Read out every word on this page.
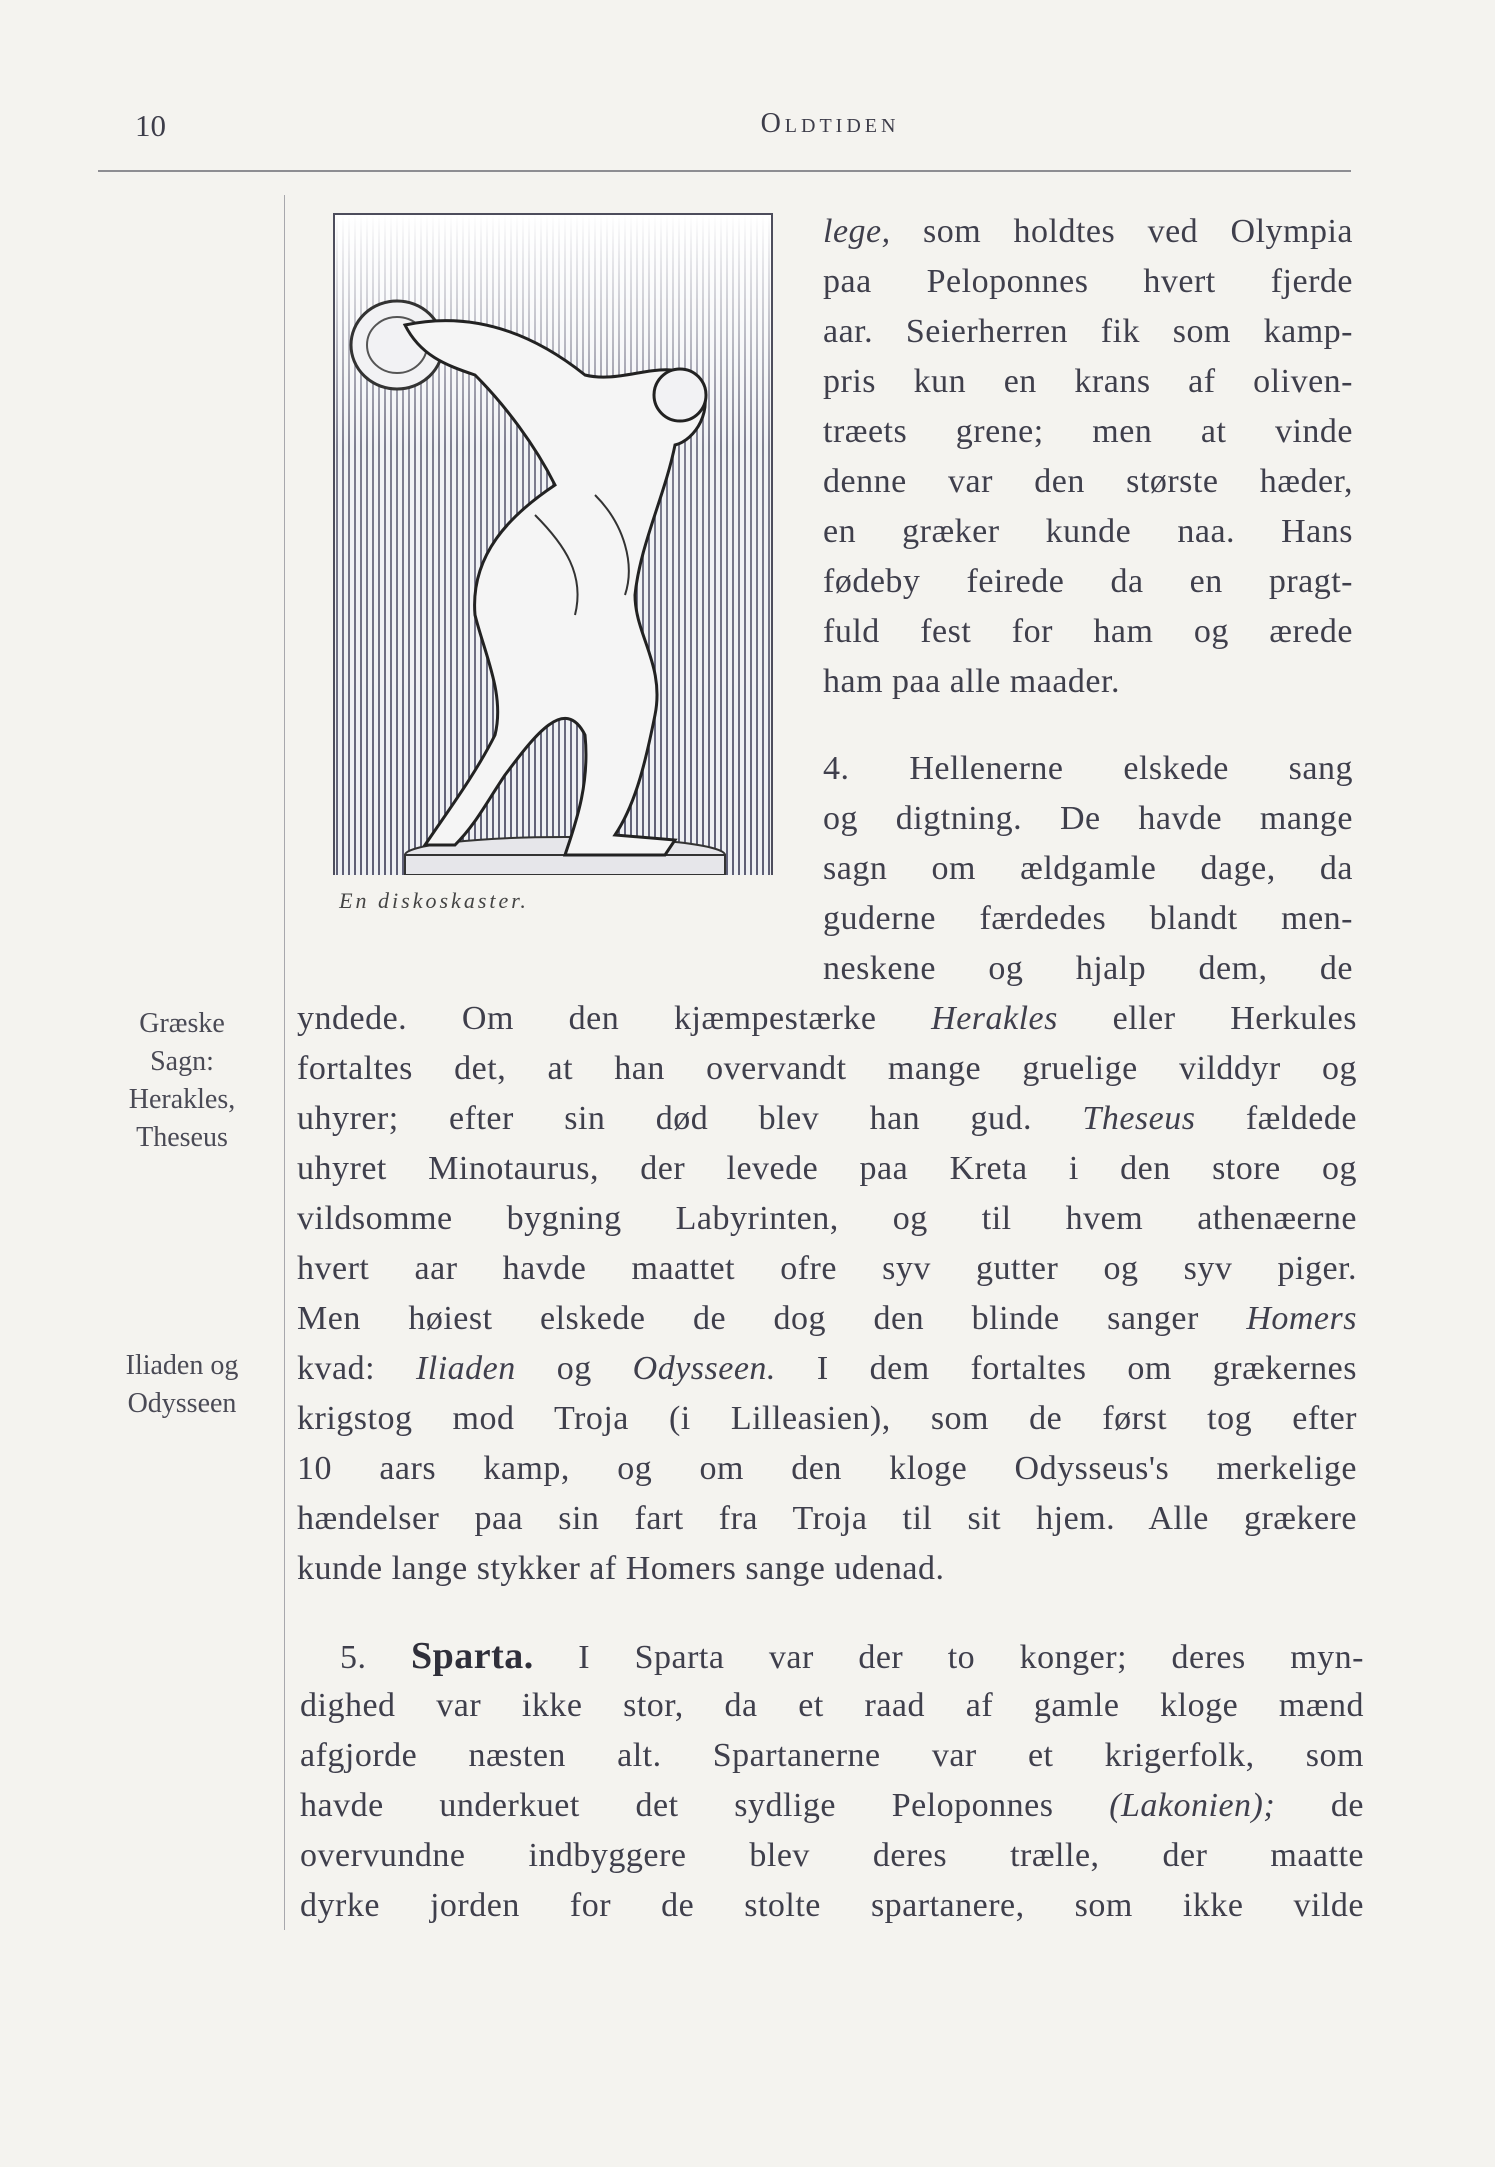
10	Oldtiden
En diskoskaster.
Græske
Sagn:
Herakles,
Theseus
Iliaden og
Odysseen
lege, som holdtes ved Olympia
paa Peloponnes hvert fjerde
aar. Seierherren fik som kamp-
pris kun en krans af oliven-
træets grene; men at vinde
denne var den største hæder,
en græker kunde naa. Hans
fødeby feirede da en pragt-
fuld fest for ham og ærede
ham paa alle maader.
4. Hellenerne elskede sang
og digtning. De havde mange
sagn om ældgamle dage, da
guderne færdedes blandt men-
neskene og hjalp dem, de
yndede. Om den kjæmpestærke Herakles eller Herkules
fortaltes det, at han overvandt mange gruelige vilddyr og
uhyrer; efter sin død blev han gud. Theseus fældede
uhyret Minotaurus, der levede paa Kreta i den store og
vildsomme bygning Labyrinten, og til hvem athenæerne
hvert aar havde maattet ofre syv gutter og syv piger.
Men høiest elskede de dog den blinde sanger Homers
kvad: Iliaden og Odysseen. I dem fortaltes om grækernes
krigstog mod Troja (i Lilleasien), som de først tog efter
10 aars kamp, og om den kloge Odysseus's merkelige
hændelser paa sin fart fra Troja til sit hjem. Alle grækere
kunde lange stykker af Homers sange udenad.
5. Sparta. I Sparta var der to konger; deres myn-
dighed var ikke stor, da et raad af gamle kloge mænd
afgjorde næsten alt. Spartanerne var et krigerfolk, som
havde underkuet det sydlige Peloponnes (Lakonien); de
overvundne indbyggere blev deres trælle, der maatte
dyrke jorden for de stolte spartanere, som ikke vilde
